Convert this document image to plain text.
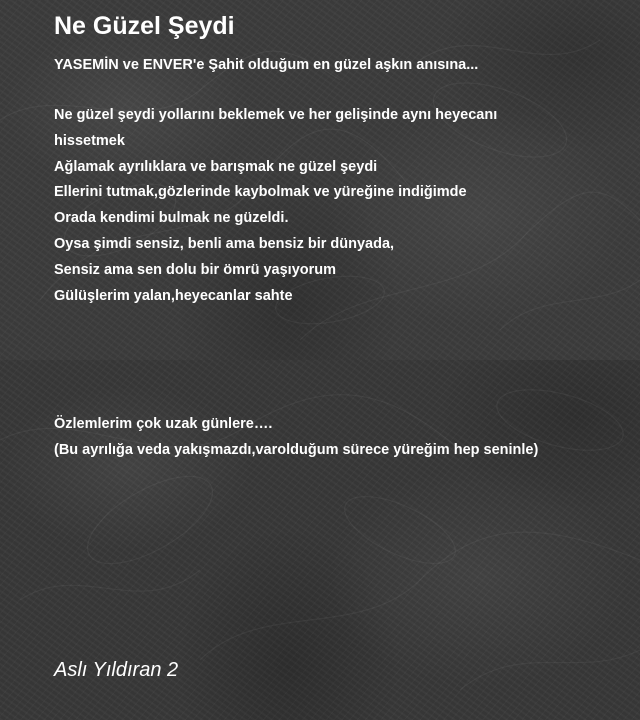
Ne Güzel Şeydi

YASEMİN ve ENVER'e Şahit olduğum en güzel aşkın anısına...

Ne güzel şeydi yollarını beklemek ve her gelişinde aynı heyecanı
hissetmek
Ağlamak ayrılıklara ve barışmak ne güzel şeydi
Ellerini tutmak,gözlerinde kaybolmak ve yüreğine indiğimde
Orada kendimi bulmak ne güzeldi.
Oysa şimdi sensiz, benli ama bensiz bir dünyada,
Sensiz ama sen dolu bir ömrü yaşıyorum
Gülüşlerim yalan,heyecanlar sahte
Özlemlerim çok uzak günlere….
(Bu ayrılığa veda yakışmazdı,varolduğum sürece yüreğim hep seninle)

Aslı Yıldıran 2
